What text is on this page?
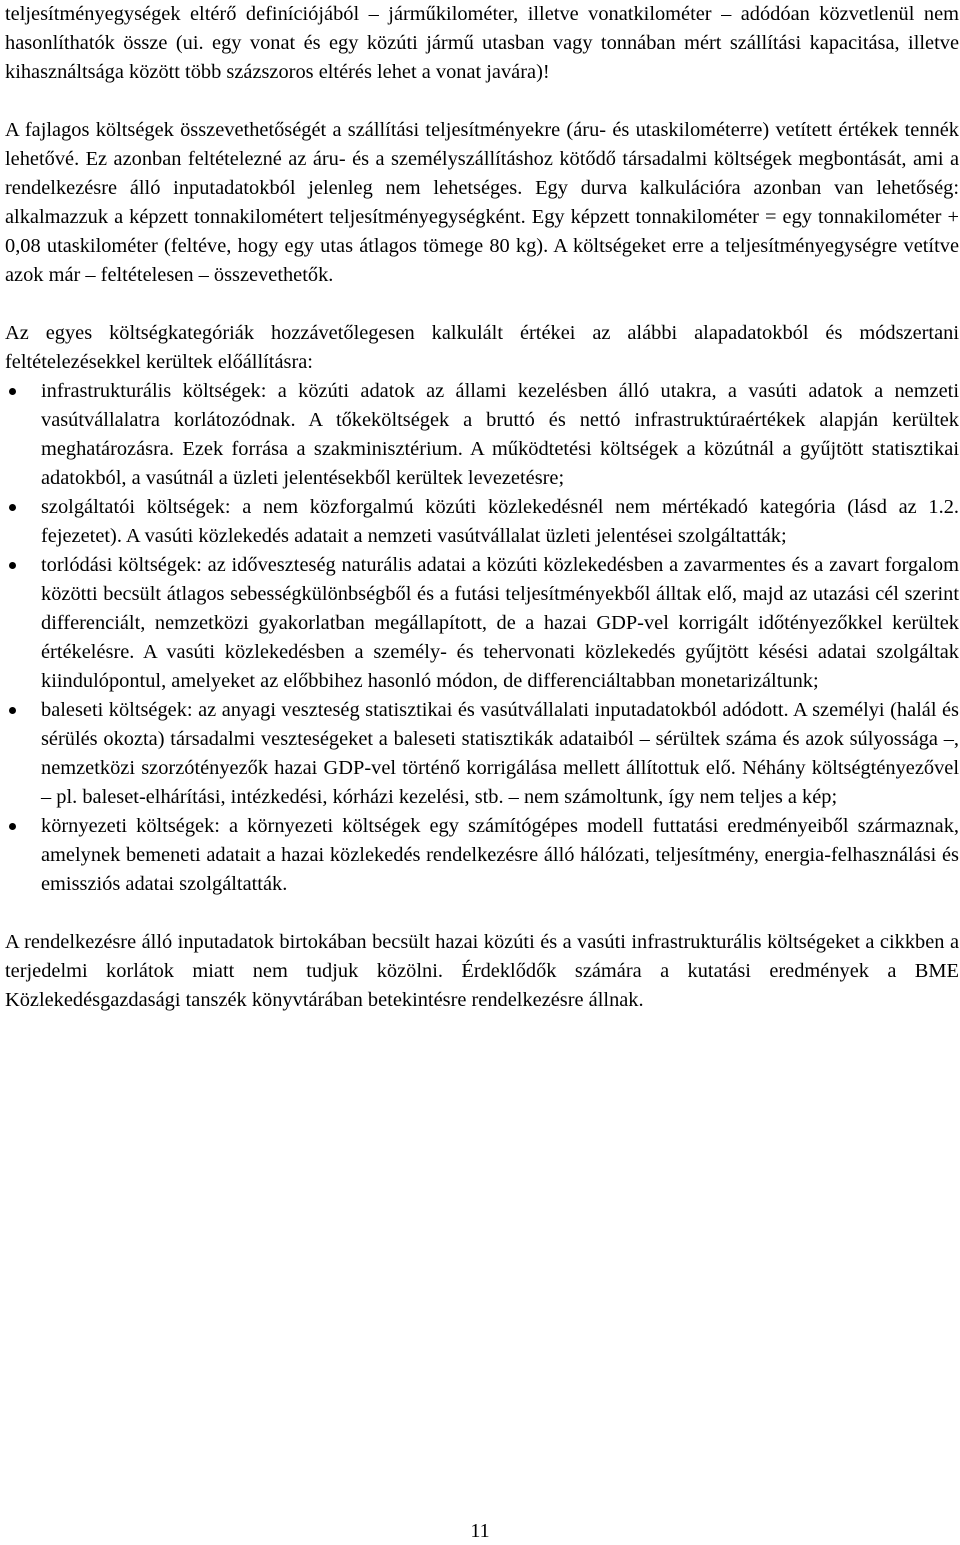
teljesítményegységek eltérő definíciójából – járműkilométer, illetve vonatkilométer – adódóan közvetlenül nem hasonlíthatók össze (ui. egy vonat és egy közúti jármű utasban vagy tonnában mért szállítási kapacitása, illetve kihasználtsága között több százszoros eltérés lehet a vonat javára)!

A fajlagos költségek összevethetőségét a szállítási teljesítményekre (áru- és utaskilométerre) vetített értékek tennék lehetővé. Ez azonban feltételezné az áru- és a személyszállításhoz kötődő társadalmi költségek megbontását, ami a rendelkezésre álló inputadatokból jelenleg nem lehetséges. Egy durva kalkulációra azonban van lehetőség: alkalmazzuk a képzett tonnakilométert teljesítményegységként. Egy képzett tonnakilométer = egy tonnakilométer + 0,08 utaskilométer (feltéve, hogy egy utas átlagos tömege 80 kg). A költségeket erre a teljesítményegységre vetítve azok már – feltételesen – összevethetők.

Az egyes költségkategóriák hozzávetőlegesen kalkulált értékei az alábbi alapadatokból és módszertani feltételezésekkel kerültek előállításra:

infrastrukturális költségek: a közúti adatok az állami kezelésben álló utakra, a vasúti adatok a nemzeti vasútvállalatra korlátozódnak. A tőkeköltségek a bruttó és nettó infrastruktúraértékek alapján kerültek meghatározásra. Ezek forrása a szakminisztérium. A működtetési költségek a közútnál a gyűjtött statisztikai adatokból, a vasútnál a üzleti jelentésekből kerültek levezetésre;
szolgáltatói költségek: a nem közforgalmú közúti közlekedésnél nem mértékadó kategória (lásd az 1.2. fejezetet). A vasúti közlekedés adatait a nemzeti vasútvállalat üzleti jelentései szolgáltatták;
torlódási költségek: az időveszteség naturális adatai a közúti közlekedésben a zavarmentes és a zavart forgalom közötti becsült átlagos sebességkülönbségből és a futási teljesítményekből álltak elő, majd az utazási cél szerint differenciált, nemzetközi gyakorlatban megállapított, de a hazai GDP-vel korrigált időtényezőkkel kerültek értékelésre. A vasúti közlekedésben a személy- és tehervonati közlekedés gyűjtött késési adatai szolgáltak kiindulópontul, amelyeket az előbbihez hasonló módon, de differenciáltabban monetarizáltunk;
baleseti költségek: az anyagi veszteség statisztikai és vasútvállalati inputadatokból adódott. A személyi (halál és sérülés okozta) társadalmi veszteségeket a baleseti statisztikák adataiból – sérültek száma és azok súlyossága –, nemzetközi szorzótényezők hazai GDP-vel történő korrigálása mellett állítottuk elő. Néhány költségtényezővel – pl. baleset-elhárítási, intézkedési, kórházi kezelési, stb. – nem számoltunk, így nem teljes a kép;
környezeti költségek: a környezeti költségek egy számítógépes modell futtatási eredményeiből származnak, amelynek bemeneti adatait a hazai közlekedés rendelkezésre álló hálózati, teljesítmény, energia-felhasználási és emissziós adatai szolgáltatták.

A rendelkezésre álló inputadatok birtokában becsült hazai közúti és a vasúti infrastrukturális költségeket a cikkben a terjedelmi korlátok miatt nem tudjuk közölni. Érdeklődők számára a kutatási eredmények a BME Közlekedésgazdasági tanszék könyvtárában betekintésre rendelkezésre állnak.

11
